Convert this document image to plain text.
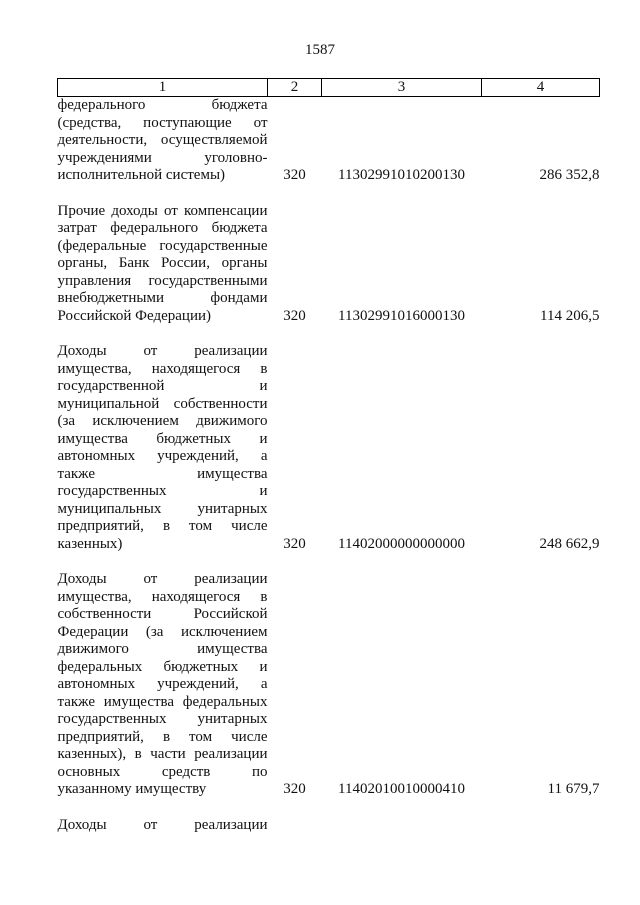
1587
1	2	3	4
федерального бюджета (средства, поступающие от деятельности, осуществляемой учреждениями уголовно-исполнительной системы)	320	11302991010200130	286 352,8
Прочие доходы от компенсации затрат федерального бюджета (федеральные государственные органы, Банк России, органы управления государственными внебюджетными фондами Российской Федерации)	320	11302991016000130	114 206,5
Доходы от реализации имущества, находящегося в государственной и муниципальной собственности (за исключением движимого имущества бюджетных и автономных учреждений, а также имущества государственных и муниципальных унитарных предприятий, в том числе казенных)	320	11402000000000000	248 662,9
Доходы от реализации имущества, находящегося в собственности Российской Федерации (за исключением движимого имущества федеральных бюджетных и автономных учреждений, а также имущества федеральных государственных унитарных предприятий, в том числе казенных), в части реализации основных средств по указанному имуществу	320	11402010010000410	11 679,7
Доходы от реализации			
